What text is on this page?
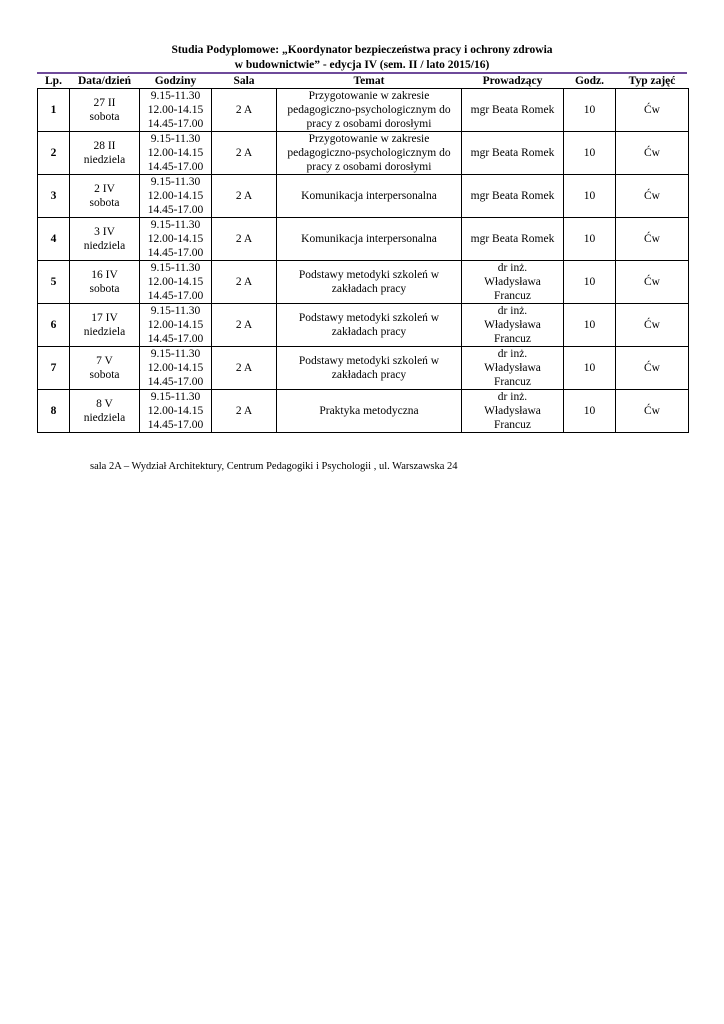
Studia Podyplomowe: „Koordynator bezpieczeństwa pracy i ochrony zdrowia
w budownictwie” - edycja IV (sem. II / lato 2015/16)
Lp.	Data/dzień	Godziny	Sala	Temat	Prowadzący	Godz.	Typ zajęć
1	27 II
sobota	9.15-11.30
12.00-14.15
14.45-17.00	2 A	Przygotowanie w zakresie
pedagogiczno-psychologicznym do
pracy z osobami dorosłymi	mgr Beata Romek	10	Ćw
2	28 II
niedziela	9.15-11.30
12.00-14.15
14.45-17.00	2 A	Przygotowanie w zakresie
pedagogiczno-psychologicznym do
pracy z osobami dorosłymi	mgr Beata Romek	10	Ćw
3	2 IV
sobota	9.15-11.30
12.00-14.15
14.45-17.00	2 A	Komunikacja interpersonalna	mgr Beata Romek	10	Ćw
4	3 IV
niedziela	9.15-11.30
12.00-14.15
14.45-17.00	2 A	Komunikacja interpersonalna	mgr Beata Romek	10	Ćw
5	16 IV
sobota	9.15-11.30
12.00-14.15
14.45-17.00	2 A	Podstawy metodyki szkoleń w
zakładach pracy	dr inż.
Władysława
Francuz	10	Ćw
6	17 IV
niedziela	9.15-11.30
12.00-14.15
14.45-17.00	2 A	Podstawy metodyki szkoleń w
zakładach pracy	dr inż.
Władysława
Francuz	10	Ćw
7	7 V
sobota	9.15-11.30
12.00-14.15
14.45-17.00	2 A	Podstawy metodyki szkoleń w
zakładach pracy	dr inż.
Władysława
Francuz	10	Ćw
8	8 V
niedziela	9.15-11.30
12.00-14.15
14.45-17.00	2 A	Praktyka metodyczna	dr inż.
Władysława
Francuz	10	Ćw
sala 2A – Wydział Architektury, Centrum Pedagogiki i Psychologii , ul. Warszawska 24
